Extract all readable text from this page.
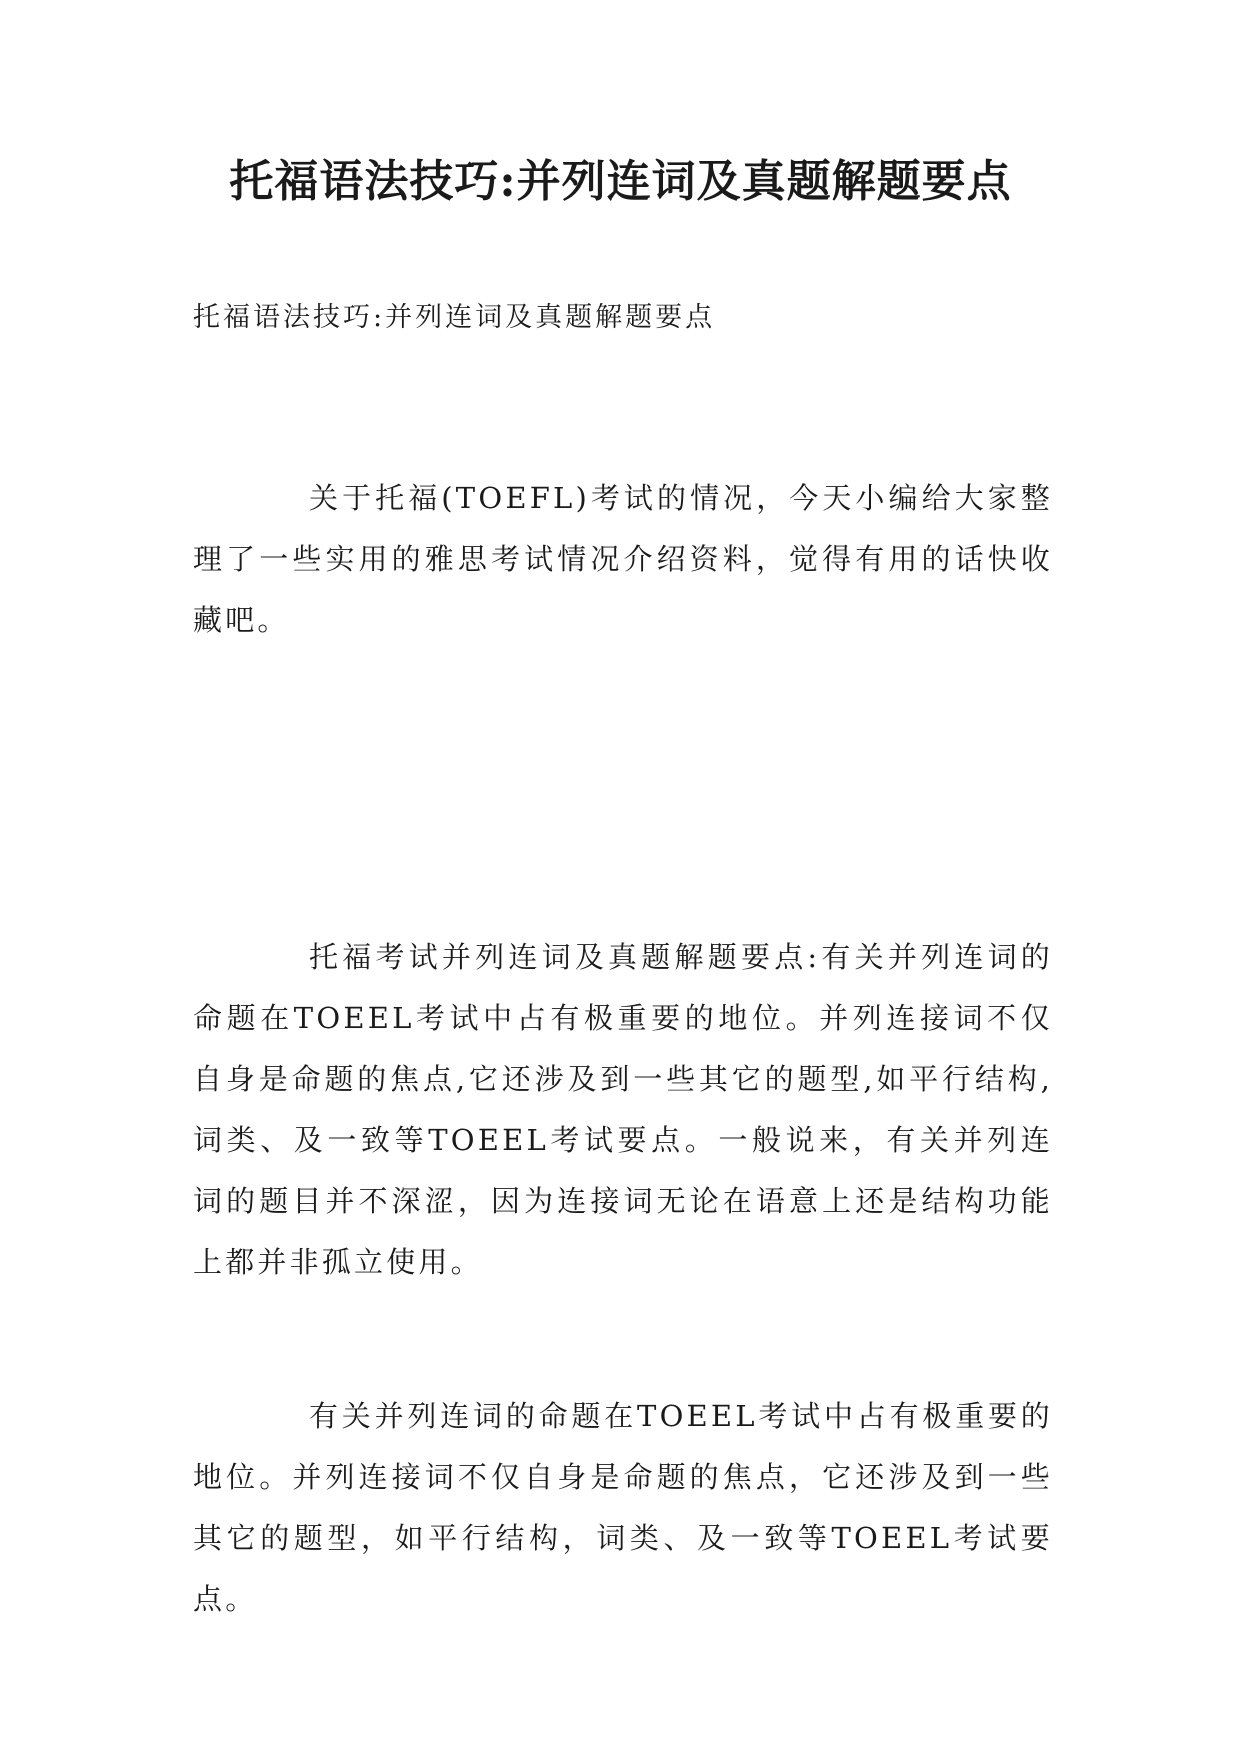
托福语法技巧:并列连词及真题解题要点

托福语法技巧:并列连词及真题解题要点

关于托福(TOEFL)考试的情况，今天小编给大家整理了一些实用的雅思考试情况介绍资料，觉得有用的话快收藏吧。

托福考试并列连词及真题解题要点:有关并列连词的命题在TOEEL考试中占有极重要的地位。并列连接词不仅自身是命题的焦点,它还涉及到一些其它的题型,如平行结构,词类、及一致等TOEEL考试要点。一般说来，有关并列连词的题目并不深涩，因为连接词无论在语意上还是结构功能上都并非孤立使用。

有关并列连词的命题在TOEEL考试中占有极重要的地位。并列连接词不仅自身是命题的焦点，它还涉及到一些其它的题型，如平行结构，词类、及一致等TOEEL考试要点。
